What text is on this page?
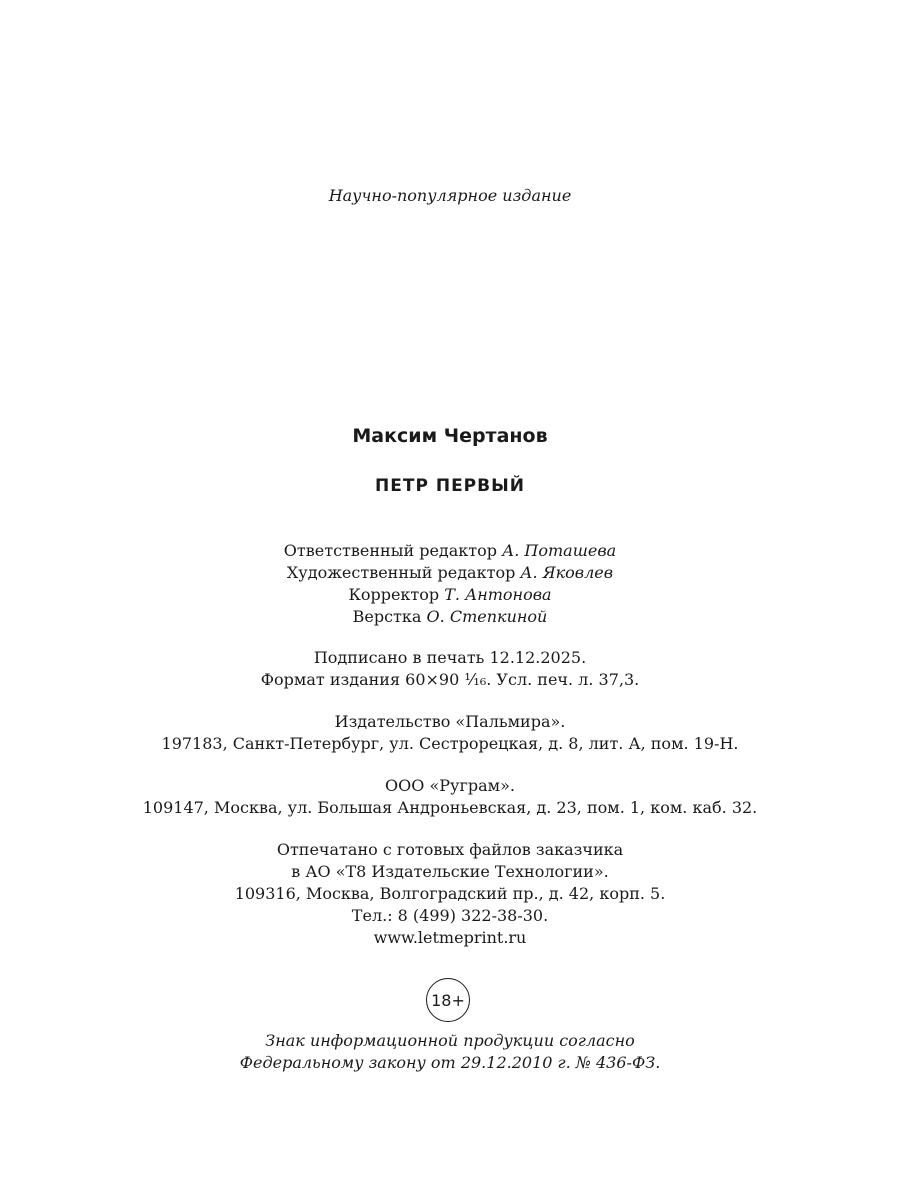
Научно-популярное издание
Максим Чертанов
ПЕТР ПЕРВЫЙ
Ответственный редактор А. Поташева
Художественный редактор А. Яковлев
Корректор Т. Антонова
Верстка О. Степкиной
Подписано в печать 12.12.2025.
Формат издания 60×90 ¹⁄₁₆. Усл. печ. л. 37,3.
Издательство «Пальмира».
197183, Санкт-Петербург, ул. Сестрорецкая, д. 8, лит. А, пом. 19-Н.
ООО «Руграм».
109147, Москва, ул. Большая Андроньевская, д. 23, пом. 1, ком. каб. 32.
Отпечатано с готовых файлов заказчика
в АО «Т8 Издательские Технологии».
109316, Москва, Волгоградский пр., д. 42, корп. 5.
Тел.: 8 (499) 322-38-30.
www.letmeprint.ru
18+
Знак информационной продукции согласно
Федеральному закону от 29.12.2010 г. № 436-ФЗ.
